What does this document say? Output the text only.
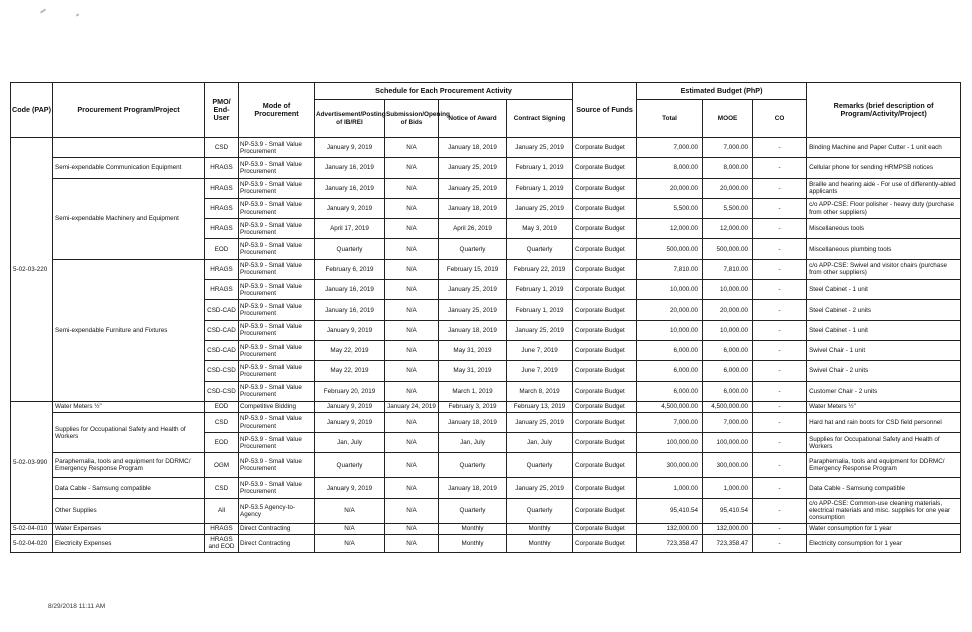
Code (PAP)	Procurement Program/Project	PMO/ End-User	Mode of Procurement	Schedule for Each Procurement Activity				Source of Funds	Estimated Budget (PhP)			Remarks (brief description of Program/Activity/Project)
				Advertisement/Posting of IB/REI	Submission/Opening of Bids	Notice of Award	Contract Signing		Total	MOOE	CO	
5-02-03-220		CSD	NP-53.9 - Small Value Procurement	January 9, 2019	N/A	January 18, 2019	January 25, 2019	Corporate Budget	7,000.00	7,000.00	-	Binding Machine and Paper Cutter - 1 unit each
	Semi-expendable Communication Equipment	HRAGS	NP-53.9 - Small Value Procurement	January 16, 2019	N/A	January 25, 2019	February 1, 2019	Corporate Budget	8,000.00	8,000.00	-	Cellular phone for sending HRMPSB notices
	Semi-expendable Machinery and Equipment	HRAGS	NP-53.9 - Small Value Procurement	January 16, 2019	N/A	January 25, 2019	February 1, 2019	Corporate Budget	20,000.00	20,000.00	-	Braille and hearing aide - For use of differently-abled applicants
		HRAGS	NP-53.9 - Small Value Procurement	January 9, 2019	N/A	January 18, 2019	January 25, 2019	Corporate Budget	5,500.00	5,500.00	-	c/o APP-CSE: Floor polisher - heavy duty (purchase from other suppliers)
		HRAGS	NP-53.9 - Small Value Procurement	April 17, 2019	N/A	April 26, 2019	May 3, 2019	Corporate Budget	12,000.00	12,000.00	-	Miscellaneous tools
		EOD	NP-53.9 - Small Value Procurement	Quarterly	N/A	Quarterly	Quarterly	Corporate Budget	500,000.00	500,000.00	-	Miscellaneous plumbing tools
	Semi-expendable Furniture and Fixtures	HRAGS	NP-53.9 - Small Value Procurement	February 6, 2019	N/A	February 15, 2019	February 22, 2019	Corporate Budget	7,810.00	7,810.00	-	c/o APP-CSE: Swivel and visitor chairs (purchase from other suppliers)
		HRAGS	NP-53.9 - Small Value Procurement	January 16, 2019	N/A	January 25, 2019	February 1, 2019	Corporate Budget	10,000.00	10,000.00	-	Steel Cabinet - 1 unit
		CSD-CAD	NP-53.9 - Small Value Procurement	January 16, 2019	N/A	January 25, 2019	February 1, 2019	Corporate Budget	20,000.00	20,000.00	-	Steel Cabinet - 2 units
		CSD-CAD	NP-53.9 - Small Value Procurement	January 9, 2019	N/A	January 18, 2019	January 25, 2019	Corporate Budget	10,000.00	10,000.00	-	Steel Cabinet - 1 unit
		CSD-CAD	NP-53.9 - Small Value Procurement	May 22, 2019	N/A	May 31, 2019	June 7, 2019	Corporate Budget	6,000.00	6,000.00	-	Swivel Chair - 1 unit
		CSD-CSD	NP-53.9 - Small Value Procurement	May 22, 2019	N/A	May 31, 2019	June 7, 2019	Corporate Budget	6,000.00	6,000.00	-	Swivel Chair - 2 units
		CSD-CSD	NP-53.9 - Small Value Procurement	February 20, 2019	N/A	March 1, 2019	March 8, 2019	Corporate Budget	6,000.00	6,000.00	-	Customer Chair - 2 units
5-02-03-990	Water Meters ½"	EOD	Competitive Bidding	January 9, 2019	January 24, 2019	February 3, 2019	February 13, 2019	Corporate Budget	4,500,000.00	4,500,000.00	-	Water Meters ½"
	Supplies for Occupational Safety and Health of Workers	CSD	NP-53.9 - Small Value Procurement	January 9, 2019	N/A	January 18, 2019	January 25, 2019	Corporate Budget	7,000.00	7,000.00	-	Hard hat and rain boots for CSD field personnel
		EOD	NP-53.9 - Small Value Procurement	Jan, July	N/A	Jan, July	Jan, July	Corporate Budget	100,000.00	100,000.00	-	Supplies for Occupational Safety and Health of Workers
	Paraphernalia, tools and equipment for DDRMC/ Emergency Response Program	OGM	NP-53.9 - Small Value Procurement	Quarterly	N/A	Quarterly	Quarterly	Corporate Budget	300,000.00	300,000.00	-	Paraphernalia, tools and equipment for DDRMC/ Emergency Response Program
	Data Cable - Samsung compatible	CSD	NP-53.9 - Small Value Procurement	January 9, 2019	N/A	January 18, 2019	January 25, 2019	Corporate Budget	1,000.00	1,000.00	-	Data Cable - Samsung compatible
	Other Supplies	All	NP-53.5 Agency-to-Agency	N/A	N/A	Quarterly	Quarterly	Corporate Budget	95,410.54	95,410.54	-	c/o APP-CSE: Common-use cleaning materials, electrical materials and misc. supplies for one year consumption
5-02-04-010	Water Expenses	HRAGS	Direct Contracting	N/A	N/A	Monthly	Monthly	Corporate Budget	132,000.00	132,000.00	-	Water consumption for 1 year
5-02-04-020	Electricity Expenses	HRAGS and EOD	Direct Contracting	N/A	N/A	Monthly	Monthly	Corporate Budget	723,358.47	723,358.47	-	Electricity consumption for 1 year
8/29/2018 11:11 AM
